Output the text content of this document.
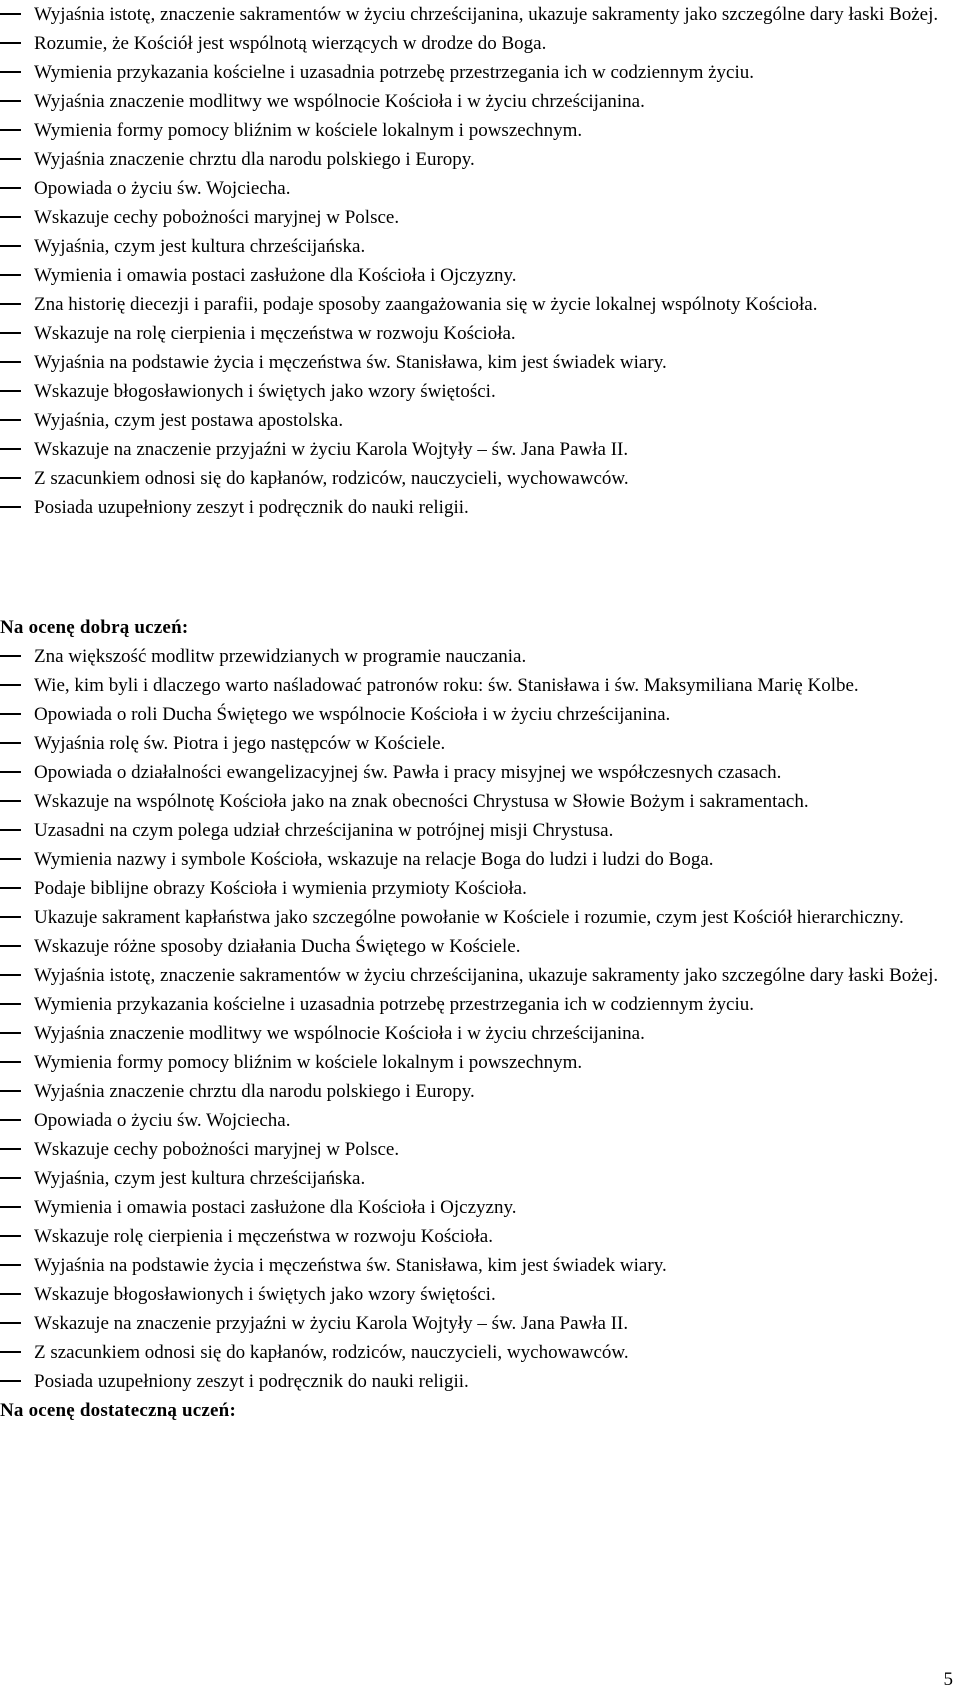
Wyjaśnia istotę, znaczenie sakramentów w życiu chrześcijanina, ukazuje sakramenty jako szczególne dary łaski Bożej.
Rozumie, że Kościół jest wspólnotą wierzących w drodze do Boga.
Wymienia przykazania kościelne i uzasadnia potrzebę przestrzegania ich w codziennym życiu.
Wyjaśnia znaczenie modlitwy we wspólnocie Kościoła i w życiu chrześcijanina.
Wymienia formy pomocy bliźnim w kościele lokalnym i powszechnym.
Wyjaśnia znaczenie chrztu dla narodu polskiego i Europy.
Opowiada o życiu św. Wojciecha.
Wskazuje cechy pobożności maryjnej w Polsce.
Wyjaśnia, czym jest kultura chrześcijańska.
Wymienia i omawia postaci zasłużone dla Kościoła i Ojczyzny.
Zna historię diecezji i parafii, podaje sposoby zaangażowania się w życie lokalnej wspólnoty Kościoła.
Wskazuje na rolę cierpienia i męczeństwa w rozwoju Kościoła.
Wyjaśnia na podstawie życia i męczeństwa św. Stanisława, kim jest świadek wiary.
Wskazuje błogosławionych i świętych jako wzory świętości.
Wyjaśnia, czym jest postawa apostolska.
Wskazuje na znaczenie przyjaźni w życiu Karola Wojtyły – św. Jana Pawła II.
Z szacunkiem odnosi się do kapłanów, rodziców, nauczycieli, wychowawców.
Posiada uzupełniony zeszyt i podręcznik do nauki religii.
Na ocenę dobrą uczeń:
Zna większość modlitw przewidzianych w programie nauczania.
Wie, kim byli i dlaczego warto naśladować patronów roku: św. Stanisława i św. Maksymiliana Marię Kolbe.
Opowiada o roli Ducha Świętego we wspólnocie Kościoła i w życiu chrześcijanina.
Wyjaśnia rolę św. Piotra i jego następców w Kościele.
Opowiada o działalności ewangelizacyjnej św. Pawła i pracy misyjnej we współczesnych czasach.
Wskazuje na wspólnotę Kościoła jako na znak obecności Chrystusa w Słowie Bożym i sakramentach.
Uzasadni na czym polega udział chrześcijanina w potrójnej misji Chrystusa.
Wymienia nazwy i symbole Kościoła, wskazuje na relacje Boga do ludzi i ludzi do Boga.
Podaje biblijne obrazy Kościoła i wymienia przymioty Kościoła.
Ukazuje sakrament kapłaństwa jako szczególne powołanie w Kościele i rozumie, czym jest Kościół hierarchiczny.
Wskazuje różne sposoby działania Ducha Świętego w Kościele.
Wyjaśnia istotę, znaczenie sakramentów w życiu chrześcijanina, ukazuje sakramenty jako szczególne dary łaski Bożej.
Wymienia przykazania kościelne i uzasadnia potrzebę przestrzegania ich w codziennym życiu.
Wyjaśnia znaczenie modlitwy we wspólnocie Kościoła i w życiu chrześcijanina.
Wymienia formy pomocy bliźnim w kościele lokalnym i powszechnym.
Wyjaśnia znaczenie chrztu dla narodu polskiego i Europy.
Opowiada o życiu św. Wojciecha.
Wskazuje cechy pobożności maryjnej w Polsce.
Wyjaśnia, czym jest kultura chrześcijańska.
Wymienia i omawia postaci zasłużone dla Kościoła i Ojczyzny.
Wskazuje rolę cierpienia i męczeństwa w rozwoju Kościoła.
Wyjaśnia na podstawie życia i męczeństwa św. Stanisława, kim jest świadek wiary.
Wskazuje błogosławionych i świętych jako wzory świętości.
Wskazuje na znaczenie przyjaźni w życiu Karola Wojtyły – św. Jana Pawła II.
Z szacunkiem odnosi się do kapłanów, rodziców, nauczycieli, wychowawców.
Posiada uzupełniony zeszyt i podręcznik do nauki religii.
Na ocenę dostateczną uczeń:
5
